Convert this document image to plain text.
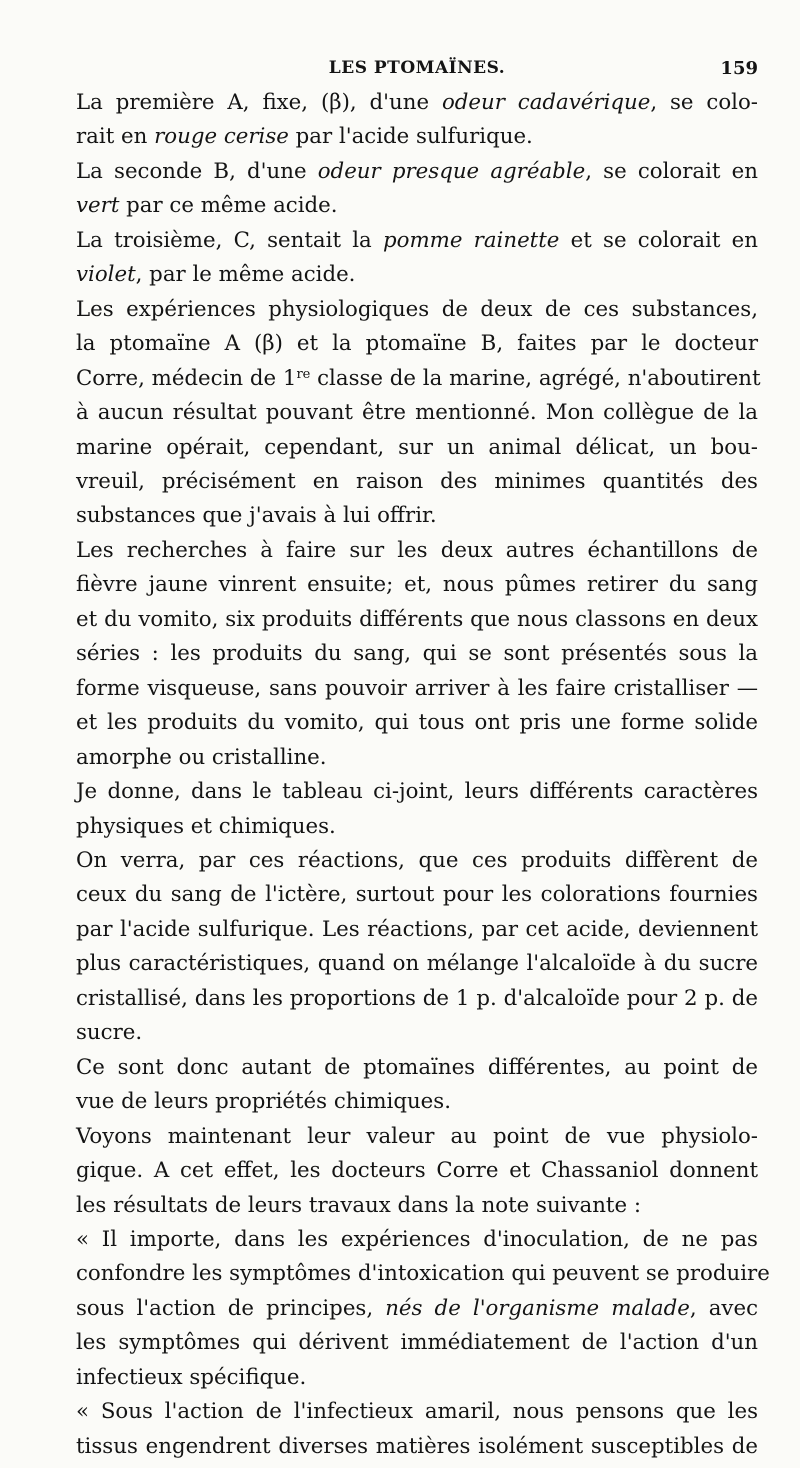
LES PTOMAÏNES.	159
La première A, fixe, (β), d'une odeur cadavérique, se colo-
rait en rouge cerise par l'acide sulfurique.
La seconde B, d'une odeur presque agréable, se colorait en
vert par ce même acide.
La troisième, C, sentait la pomme rainette et se colorait en
violet, par le même acide.
Les expériences physiologiques de deux de ces substances,
la ptomaïne A (β) et la ptomaïne B, faites par le docteur
Corre, médecin de 1re classe de la marine, agrégé, n'aboutirent
à aucun résultat pouvant être mentionné. Mon collègue de la
marine opérait, cependant, sur un animal délicat, un bou-
vreuil, précisément en raison des minimes quantités des
substances que j'avais à lui offrir.
Les recherches à faire sur les deux autres échantillons de
fièvre jaune vinrent ensuite; et, nous pûmes retirer du sang
et du vomito, six produits différents que nous classons en deux
séries : les produits du sang, qui se sont présentés sous la
forme visqueuse, sans pouvoir arriver à les faire cristalliser —
et les produits du vomito, qui tous ont pris une forme solide
amorphe ou cristalline.
Je donne, dans le tableau ci-joint, leurs différents caractères
physiques et chimiques.
On verra, par ces réactions, que ces produits diffèrent de
ceux du sang de l'ictère, surtout pour les colorations fournies
par l'acide sulfurique. Les réactions, par cet acide, deviennent
plus caractéristiques, quand on mélange l'alcaloïde à du sucre
cristallisé, dans les proportions de 1 p. d'alcaloïde pour 2 p. de
sucre.
Ce sont donc autant de ptomaïnes différentes, au point de
vue de leurs propriétés chimiques.
Voyons maintenant leur valeur au point de vue physiolo-
gique. A cet effet, les docteurs Corre et Chassaniol donnent
les résultats de leurs travaux dans la note suivante :
« Il importe, dans les expériences d'inoculation, de ne pas
confondre les symptômes d'intoxication qui peuvent se produire
sous l'action de principes, nés de l'organisme malade, avec
les symptômes qui dérivent immédiatement de l'action d'un
infectieux spécifique.
« Sous l'action de l'infectieux amaril, nous pensons que les
tissus engendrent diverses matières isolément susceptibles de
